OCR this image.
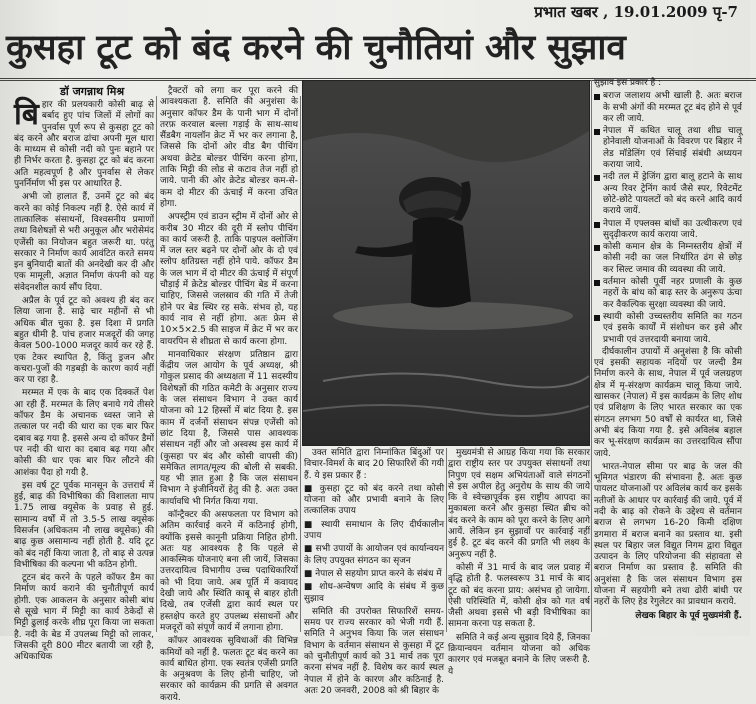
प्रभात खबर , 19.01.2009 पृ-7
कुसहा टूट को बंद करने की चुनौतियां और सुझाव
डॉ जगन्नाथ मिश्र

बिहार की प्रलयकारी कोसी बाढ़ से बर्बाद हुए पांच जिलों में लोगों का पुनर्वास पूर्ण रूप से कुसहा टूट को बंद करने और बराज ढांचा अपनी मूल धारा के माध्यम से कोसी नदी को पुनः बहाने पर ही निर्भर करता है. कुसहा टूट को बंद करना अति महत्वपूर्ण है और पुनर्वास से लेकर पुनर्निर्माण भी इस पर आधारित है.

अभी जो हालात हैं, उनमें टूट को बंद करने का कोई निकल्प नहीं है. ऐसे कार्य में तात्कालिक संसाधनों, विश्वसनीय प्रमाणों तथा विशेषज्ञों से भरी अनुकूल और भरोसेमंद एजेंसी का नियोजन बहुत जरूरी था. परंतु सरकार ने निर्माण कार्य आवंटित करते समय इन बुनियादी बातों की अनदेखी कर दी और एक मामूली, अज्ञात निर्माण कंपनी को यह संवेदनशील कार्य सौंप दिया.

अप्रैल के पूर्व टूट को अवश्य ही बंद कर लिया जाना है. साढ़े चार महीनों से भी अधिक बीत चुका है. इस दिशा में प्रगति बहुत धीमी है. पांच हजार मजदूरों की जगह केवल 500-1000 मजदूर कार्य कर रहे हैं. एक टेकर स्थापित है, किंतु ड्रजन और कचरा-पुजों की गड़बड़ी के कारण कार्य नहीं कर पा रहा है.

मरम्मत में एक के बाद एक दिक्कतें पेश आ रही हैं. मरम्मत के लिए बनाये गये तीसरे कॉफर डैम के अचानक ध्वस्त जाने से तत्काल पर नदी की धारा का एक बार फिर दबाव बढ़ गया है. इससे अन्य दो कॉफर डैमों पर नदी की धारा का दबाव बढ़ गया और कोसी की धार एक बार फिर लौटने की आशंका पैदा हो गयी है.

इस वर्ष टूट पूर्वक मानसून के उत्तरार्ध में हुई, बाढ़ की विभीषिका की विशालता माप 1.75 लाख क्यूसेक के प्रवाह से हुई. सामान्य वर्षों में तो 3.5-5 लाख क्यूसेक विसर्जन (अधिकतम नौ लाख क्यूसेक) की बाढ़ कुछ असामान्य नहीं होती है. यदि टूट को बंद नहीं किया जाता है, तो बाढ़ से उत्पन्न विभीषिका की कल्पना भी कठिन होगी.

टूटन बंद करने के पहले कॉफर डैम का निर्माण कार्य कराने की चुनौतीपूर्ण कार्य होगी. एक आकलन के अनुसार कोसी बांध से सूखे भाग में मिट्टी का कार्य ठेकेदों से मिट्टी ढुलाई करके शीघ्र पूरा किया जा सकता है. नदी के बेड में उपलब्ध मिट्टी को लाकर, जिसकी दूरी 800 मीटर बतायी जा रही है, अधिकाधिक

ट्रैक्टरों को लगा कर पूरा करने की आवश्यकता है. समिति की अनुशंसा के अनुसार कॉफर डैम के पानी भाग में दोनों तरफ़ करवाल बल्ला गड़ाई के साथ-साथ सैंडबैग नायलॉन क्रेट में भर कर लगाना है, जिससे कि दोनों ओर वीड बैग पीचिंग अथवा क्रेटेड बोल्डर पीचिंग करना होगा, ताकि मिट्टी की लोड से कटाव तेज नहीं हो जाये. पानी की ओर क्रेटेड बोल्डर कम-से-कम दो मीटर की ऊंचाई में करना उचित होगा.

अपस्ट्रीम एवं डाउन स्ट्रीम में दोनों ओर से करीब 30 मीटर की दूरी में स्लोप पीचिंग का कार्य जरूरी है. ताकि पाइपल क्लोजिंग में जल स्तर बढ़ने पर दोनों ओर के दो एवं स्लोप क्षतिग्रस्त नहीं होने पाये. कॉफर डैम के जल भाग में दो मीटर की ऊंचाई में संपूर्ण चौड़ाई में क्रेटेड बोल्डर पीचिंग बेड में करना चाहिए, जिससे जलस्राव की गति में तेजी होने पर बेड स्थिर रह सके. संभव हो, यह कार्य नाव से नहीं होगा. अतः फ्रेम से 10×5×2.5 की साइज में क्रेट में भर कर वायरपिन से शीघ्रता से कार्य करना होगा.

मानवाधिकार संरक्षण प्रतिष्ठान द्वारा केंद्रीय जल आयोग के पूर्व अध्यक्ष, श्री गोकुल प्रसाद की अध्यक्षता में 11 सदस्यीय विशेषज्ञों की गठित कमेटी के अनुसार राज्य के जल संसाधन विभाग ने उक्त कार्य योजना को 12 हिस्सों में बांट दिया है. इस काम में दर्जनों संसाधन संपन्न एजेंसी को छांट दिया है, जिससे पास आवश्यक संसाधन नहीं और जो अस्वस्थ इस कार्य में (कुसहा पर बंद और कोसी वापसी की) समेकित लागत/मूल्य की बोली से सबकी. यह भी ज्ञात हुआ है कि जल संसाधन विभाग ने इंजीनियरों हेतु की है. अतः उक्त कार्यावधि भी निर्गत किया गया.

कॉन्ट्रैक्टर की असफलता पर विभाग को अतिम कार्रवाई करने में कठिनाई होगी, क्योंकि इससे कानूनी प्रक्रिया निहित होगी. अतः यह आवश्यक है कि पहले से आकस्मिक योजनाएं बना ली जायें, जिसका उत्तरदायित्व विभागीय उच्च पदाधिकारियों को भी दिया जाये. अब पूर्ति में कवायद देखी जाये और स्थिति काबू से बाहर होती दिखे, तब एजेंसी द्वारा कार्य स्थल पर हस्तक्षेप करते हुए उपलब्ध संसाधनों और मजदूरों को संपूर्ण कार्य में लगाना होगा.

कॉफर आवश्यक सुविधाओं की विभिन्न कमियों को नहीं है. फलतः टूट बंद करने का कार्य बाधित होगा. एक स्वतंत्र एजेंसी प्रगति के अनुश्रवण के लिए होनी चाहिए, जो सरकार को कार्यक्रम की प्रगति से अवगत कराये.

उक्त समिति द्वारा निम्नांकित बिंदुओं पर विचार-विमर्श के बाद 20 सिफारिशें की गयी हैं. ये इस प्रकार हैं :

■ कुसहा टूट को बंद करने तथा कोसी योजना को और प्रभावी बनाने के लिए तत्कालिक उपाय

■ स्थायी समाधान के लिए दीर्घकालीन उपाय

■ सभी उपायों के आयोजन एवं कार्यान्वयन के लिए उपयुक्त संगठन का सृजन

■ नेपाल से सहयोग प्राप्त करने के संबंध में

■ शोध-अन्वेषण आदि के संबंध में कुछ सुझाव

समिति की उपरोक्त सिफारिशें समय-समय पर राज्य सरकार को भेजी गयी हैं. समिति ने अनुभव किया कि जल संसाधन विभाग के वर्तमान संसाधन से कुसहा में टूट को चुनौतीपूर्ण कार्य को 31 मार्च तक पूरा करना संभव नहीं है. विशेष कर कार्य स्थल नेपाल में होने के कारण और कठिनाई है. अतः 20 जनवरी, 2008 को श्री बिहार के

मुख्यमंत्री से आग्रह किया गया कि सरकार द्वारा राष्ट्रीय स्तर पर उपयुक्त संसाधनों तथा निपुण एवं सक्षम अभियंताओं वाले संगठनों से इस अपील हेतु अनुरोध के साथ की जाये कि वे स्वेच्छापूर्वक इस राष्ट्रीय आपदा का मुकाबला करने और कुसहा स्थित ब्रीच को बंद करने के काम को पूरा करने के लिए आगे आयें. लेकिन इन सुझावों पर कार्रवाई नहीं हुई है. टूट बंद करने की प्रगति भी लक्ष्य के अनुरूप नहीं है.

कोसी में 31 मार्च के बाद जल प्रवाह में वृद्धि होती है. फलस्वरूप 31 मार्च के बाद टूट को बंद करना प्राय: असंभव हो जायेगा. ऐसी परिस्थिति में, कोसी क्षेत्र को गत वर्ष जैसी अथवा इससे भी बड़ी विभीषिका का सामना करना पड़ सकता है.

समिति ने कई अन्य सुझाव दिये हैं, जिनका क्रियान्वयन वर्तमान योजना को अधिक कारगर एवं मजबूत बनाने के लिए जरूरी है. ये

सुझाव इस प्रकार है :

बराज जलाशय अभी खाली है. अतः बराज के सभी अंगों की मरम्मत टूट बंद होने से पूर्व कर ली जाये.
नेपाल में कथित चालू तथा शीघ्र चालू होनेवाली योजनाओं के विवरण पर बिहार ने लेड मॉडेलिंग एवं सिंचाई संबंधी अध्ययन कराया जाये.
नदी तल में ड्रेजिंग द्वारा बालू हटाने के साथ अन्य रिवर ट्रेनिंग कार्य जैसे स्पर, रिवेटमेंट छोटे-छोटे पायलटों को बंद करने आदि कार्य कराये जायें.
नेपाल में एफ्लक्स बांधों का उत्थीकरण एवं सुदृढ़ीकरण कार्य कराया जाये.
कोसी कमान क्षेत्र के निम्नस्तरीय क्षेत्रों में कोसी नदी का जल निर्धारित ढंग से छोड़ कर सिल्ट जमाव की व्यवस्था की जाये.
वर्तमान कोसी पूर्वी नहर प्रणाली के कुछ नहरों के बांध को बाढ़ स्तर के अनुरूप ऊंचा कर वैकल्पिक सुरक्षा व्यवस्था की जाये.
स्थायी कोसी उच्चस्तरीय समिति का गठन एवं इसके कार्यों में संशोधन कर इसे और प्रभावी एवं उत्तरदायी बनाया जाये.

दीर्घकालीन उपायों में अनुशंसा है कि कोसी एवं इसकी सहायक नदियों पर जल्दी डैम निर्माण करने के साथ, नेपाल में पूर्व जलग्रहण क्षेत्र में मृ-संरक्षण कार्यक्रम चालू किया जाये. खासकर (नेपाल) में इस कार्यक्रम के लिए शोध एवं प्रशिक्षण के लिए भारत सरकार का एक संगठन लगभग 50 वर्षों से कार्यरत था, जिसे अभी बंद किया गया है. इसे अविलंब बहाल कर भू-संरक्षण कार्यक्रम का उत्तरदायित्व सौंपा जाये.

भारत-नेपाल सीमा पर बाढ़ के जल की भूमिगत भंडारण की संभावना है. अतः कुछ पायलट योजनाओं पर अविलंब कार्य कर इसके नतीजों के आधार पर कार्रवाई की जाये. पूर्व में नदी के बाढ़ को रोकने के उद्देश्य से वर्तमान बराज से लगभग 16-20 किमी दक्षिण डगमारा में बराज बनाने का प्रस्ताव था. इसी स्थल पर बिहार जल विद्युत निगम द्वारा विद्युत उत्पादन के लिए परियोजना की संहावता से बराज निर्माण का प्रस्ताव है. समिति की अनुशंसा है कि जल संसाधन विभाग इस योजना में सहयोगी बने तथा ढोरी बांधी पर नहरों के लिए हेड रेगुलेटर का प्रावधान कराये.

लेखक बिहार के पूर्व मुख्यमंत्री हैं.
